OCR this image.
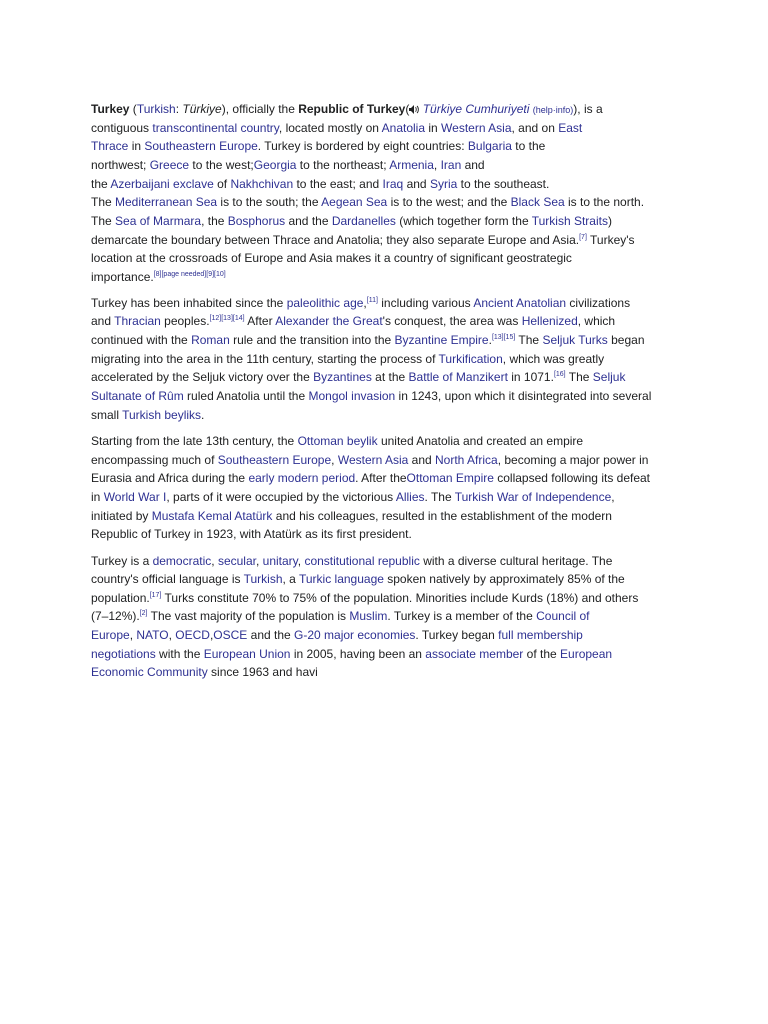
Turkey (Turkish: Türkiye), officially the Republic of Turkey( Türkiye Cumhuriyeti (help·info)), is a
contiguous transcontinental country, located mostly on Anatolia in Western Asia, and on East
Thrace in Southeastern Europe. Turkey is bordered by eight countries: Bulgaria to the
northwest; Greece to the west;Georgia to the northeast; Armenia, Iran and
the Azerbaijani exclave of Nakhchivan to the east; and Iraq and Syria to the southeast.
The Mediterranean Sea is to the south; the Aegean Sea is to the west; and the Black Sea is to the north.
The Sea of Marmara, the Bosphorus and the Dardanelles (which together form the Turkish Straits)
demarcate the boundary between Thrace and Anatolia; they also separate Europe and Asia.[7] Turkey's
location at the crossroads of Europe and Asia makes it a country of significant geostrategic
importance.[8][page needed][9][10]
Turkey has been inhabited since the paleolithic age,[11] including various Ancient Anatolian civilizations
and Thracian peoples.[12][13][14] After Alexander the Great's conquest, the area was Hellenized, which
continued with the Roman rule and the transition into the Byzantine Empire.[13][15] The Seljuk Turks began
migrating into the area in the 11th century, starting the process of Turkification, which was greatly
accelerated by the Seljuk victory over the Byzantines at the Battle of Manzikert in 1071.[16] The Seljuk
Sultanate of Rûm ruled Anatolia until the Mongol invasion in 1243, upon which it disintegrated into several
small Turkish beyliks.
Starting from the late 13th century, the Ottoman beylik united Anatolia and created an empire
encompassing much of Southeastern Europe, Western Asia and North Africa, becoming a major power in
Eurasia and Africa during the early modern period. After theOttoman Empire collapsed following its defeat
in World War I, parts of it were occupied by the victorious Allies. The Turkish War of Independence,
initiated by Mustafa Kemal Atatürk and his colleagues, resulted in the establishment of the modern
Republic of Turkey in 1923, with Atatürk as its first president.
Turkey is a democratic, secular, unitary, constitutional republic with a diverse cultural heritage. The
country's official language is Turkish, a Turkic language spoken natively by approximately 85% of the
population.[17] Turks constitute 70% to 75% of the population. Minorities include Kurds (18%) and others
(7–12%).[2] The vast majority of the population is Muslim. Turkey is a member of the Council of
Europe, NATO, OECD,OSCE and the G-20 major economies. Turkey began full membership
negotiations with the European Union in 2005, having been an associate member of the European
Economic Community since 1963 and havi
